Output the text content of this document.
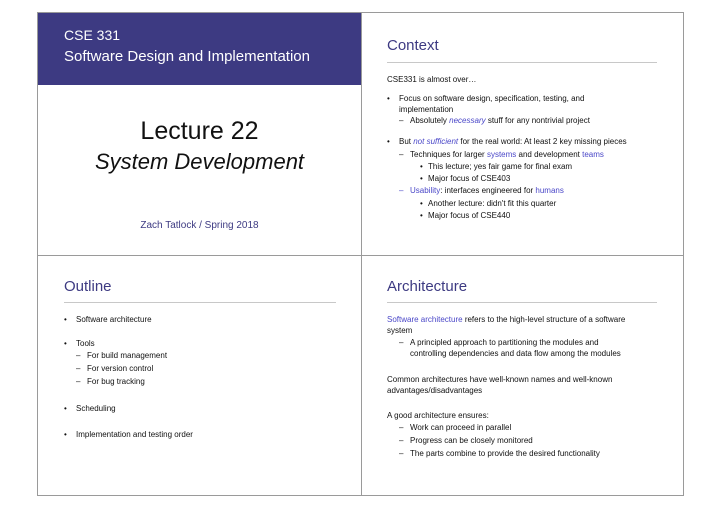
CSE 331
Software Design and Implementation
Lecture 22
System Development
Zach Tatlock / Spring 2018
Context
CSE331 is almost over…
• Focus on software design, specification, testing, and
implementation
– Absolutely necessary stuff for any nontrivial project
• But not sufficient for the real world: At least 2 key missing pieces
– Techniques for larger systems and development teams
• This lecture; yes fair game for final exam
• Major focus of CSE403
– Usability: interfaces engineered for humans
• Another lecture: didn't fit this quarter
• Major focus of CSE440
Outline
• Software architecture
• Tools
– For build management
– For version control
– For bug tracking
• Scheduling
• Implementation and testing order
Architecture
Software architecture refers to the high-level structure of a software
system
– A principled approach to partitioning the modules and
controlling dependencies and data flow among the modules
Common architectures have well-known names and well-known
advantages/disadvantages
A good architecture ensures:
– Work can proceed in parallel
– Progress can be closely monitored
– The parts combine to provide the desired functionality
